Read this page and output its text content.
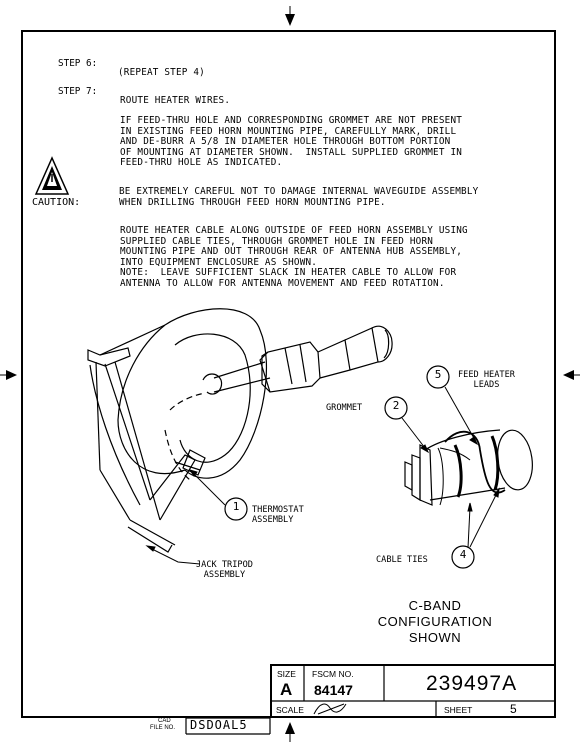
STEP 6:
(REPEAT STEP 4)
STEP 7:
ROUTE HEATER WIRES.
IF FEED-THRU HOLE AND CORRESPONDING GROMMET ARE NOT PRESENT
IN EXISTING FEED HORN MOUNTING PIPE, CAREFULLY MARK, DRILL
AND DE-BURR A 5/8 IN DIAMETER HOLE THROUGH BOTTOM PORTION
OF MOUNTING AT DIAMETER SHOWN.  INSTALL SUPPLIED GROMMET IN
FEED-THRU HOLE AS INDICATED.
CAUTION:
BE EXTREMELY CAREFUL NOT TO DAMAGE INTERNAL WAVEGUIDE ASSEMBLY
WHEN DRILLING THROUGH FEED HORN MOUNTING PIPE.
ROUTE HEATER CABLE ALONG OUTSIDE OF FEED HORN ASSEMBLY USING
SUPPLIED CABLE TIES, THROUGH GROMMET HOLE IN FEED HORN
MOUNTING PIPE AND OUT THROUGH REAR OF ANTENNA HUB ASSEMBLY,
INTO EQUIPMENT ENCLOSURE AS SHOWN.
NOTE:  LEAVE SUFFICIENT SLACK IN HEATER CABLE TO ALLOW FOR
ANTENNA TO ALLOW FOR ANTENNA MOVEMENT AND FEED ROTATION.
1
2
4
5
THERMOSTAT
ASSEMBLY
GROMMET
CABLE TIES
FEED HEATER
LEADS
JACK TRIPOD
ASSEMBLY
C-BAND
CONFIGURATION
SHOWN
SIZE
A
FSCM NO.
84147	239497A
SCALE	SHEET	5
CAD
FILE NO. DSDOAL5
